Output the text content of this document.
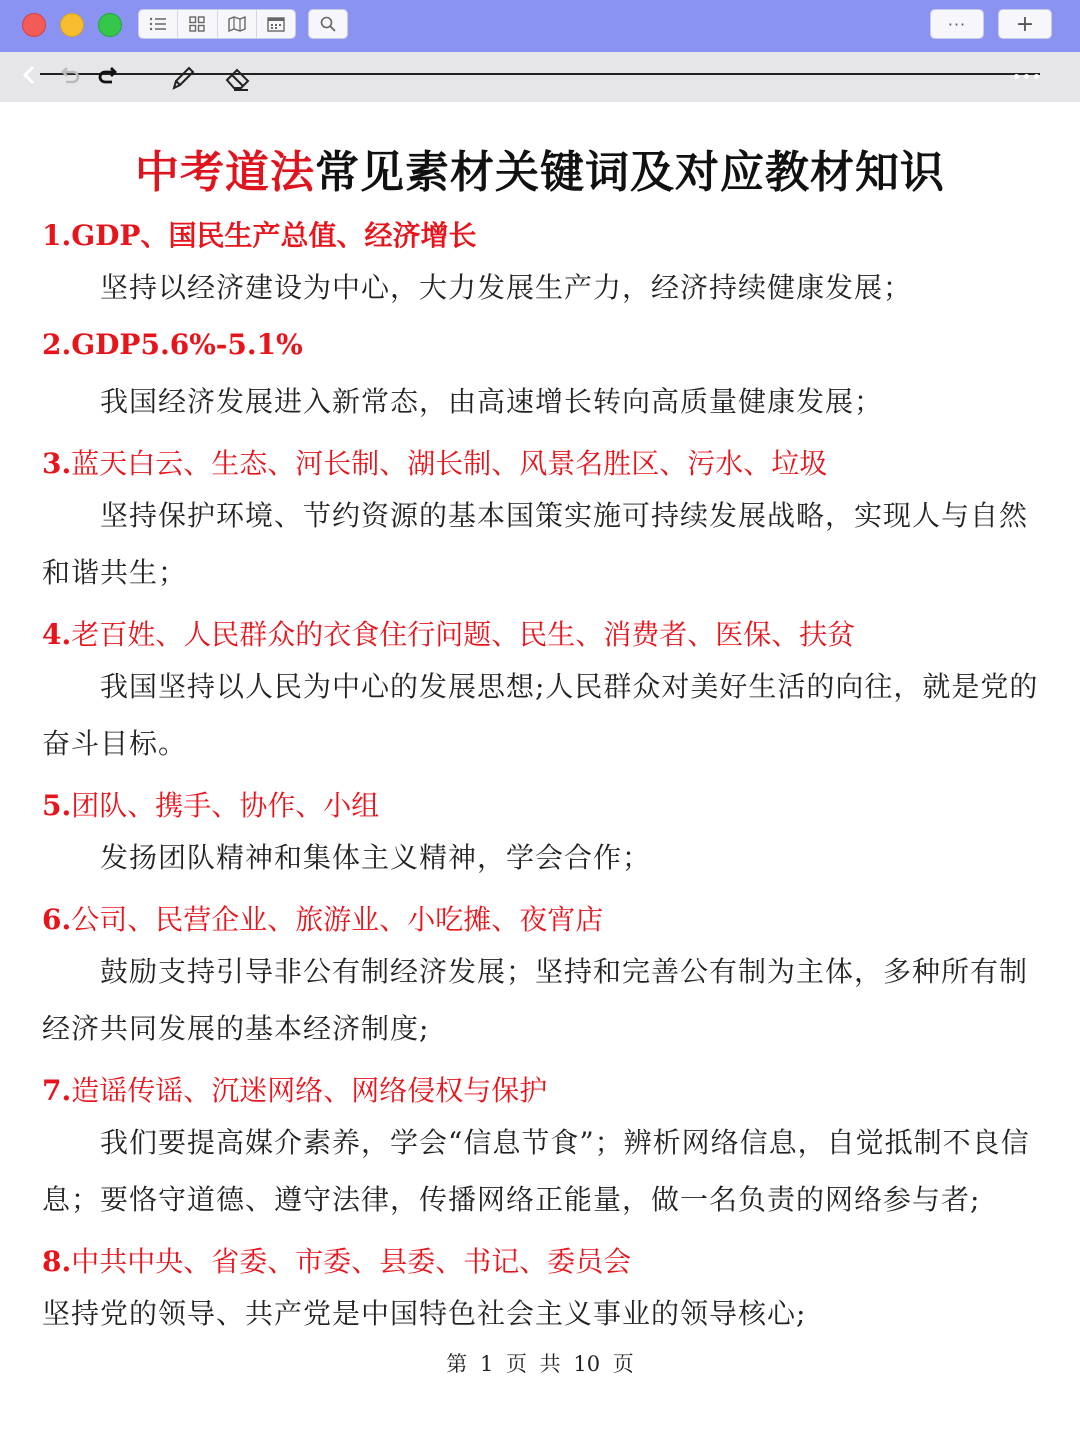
···	+
中考道法常见素材关键词及对应教材知识
1.GDP、国民生产总值、经济增长
坚持以经济建设为中心，大力发展生产力，经济持续健康发展；
2.GDP5.6%-5.1%
我国经济发展进入新常态，由高速增长转向高质量健康发展；
3.蓝天白云、生态、河长制、湖长制、风景名胜区、污水、垃圾
坚持保护环境、节约资源的基本国策实施可持续发展战略，实现人与自然和谐共生；
4.老百姓、人民群众的衣食住行问题、民生、消费者、医保、扶贫
我国坚持以人民为中心的发展思想;人民群众对美好生活的向往，就是党的奋斗目标。
5.团队、携手、协作、小组
发扬团队精神和集体主义精神，学会合作；
6.公司、民营企业、旅游业、小吃摊、夜宵店
鼓励支持引导非公有制经济发展；坚持和完善公有制为主体，多种所有制经济共同发展的基本经济制度;
7.造谣传谣、沉迷网络、网络侵权与保护
我们要提高媒介素养，学会“信息节食”；辨析网络信息，自觉抵制不良信息；要恪守道德、遵守法律，传播网络正能量，做一名负责的网络参与者;
8.中共中央、省委、市委、县委、书记、委员会
坚持党的领导、共产党是中国特色社会主义事业的领导核心;
第 1 页 共 10 页
